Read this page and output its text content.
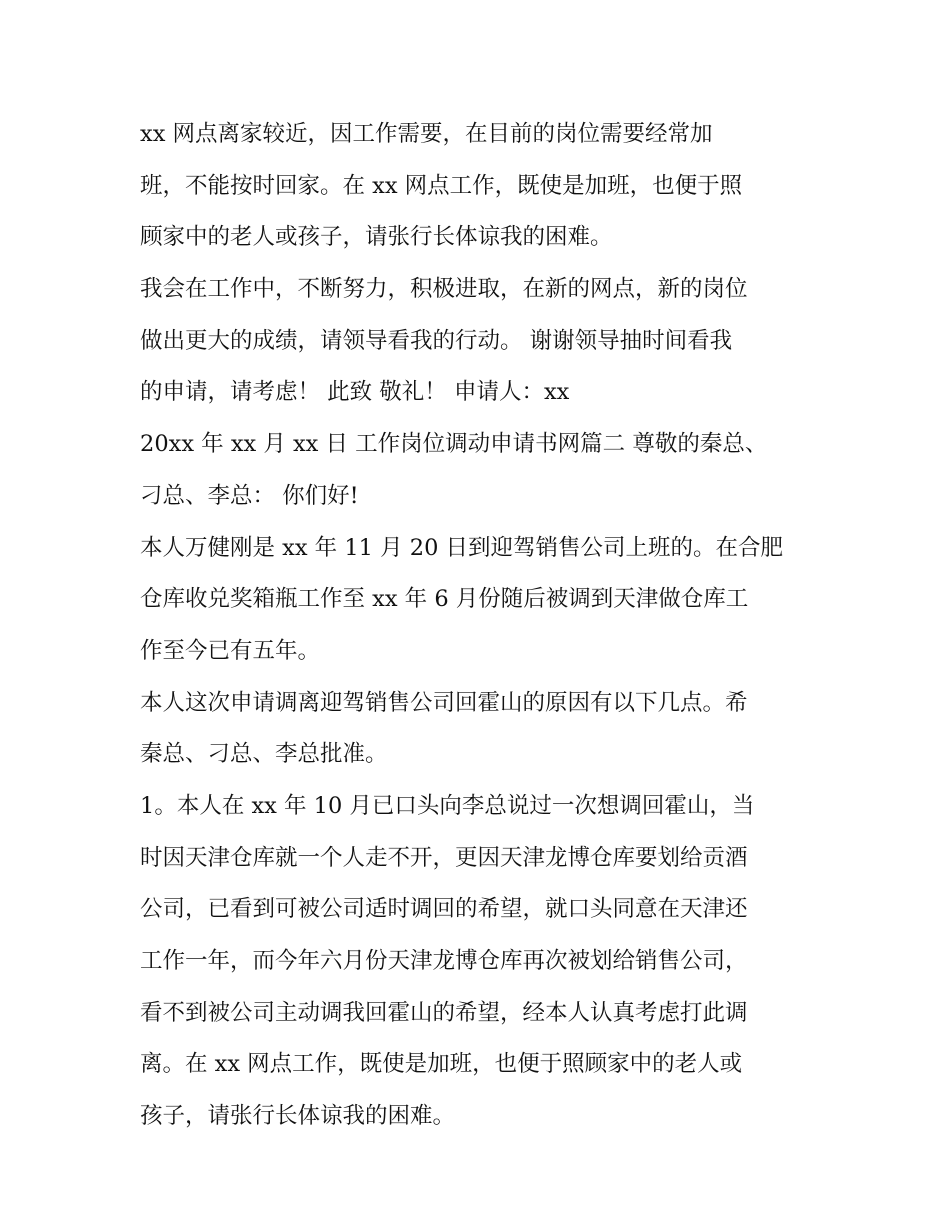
xx 网点离家较近，因工作需要，在目前的岗位需要经常加
班，不能按时回家。在 xx 网点工作，既使是加班，也便于照
顾家中的老人或孩子，请张行长体谅我的困难。
我会在工作中，不断努力，积极进取，在新的网点，新的岗位
做出更大的成绩，请领导看我的行动。 谢谢领导抽时间看我
的申请，请考虑！ 此致 敬礼！ 申请人：xx
20xx 年 xx 月 xx 日 工作岗位调动申请书网篇二 尊敬的秦总、
刁总、李总： 你们好!
本人万健刚是 xx 年 11 月 20 日到迎驾销售公司上班的。在合肥
仓库收兑奖箱瓶工作至 xx 年 6 月份随后被调到天津做仓库工
作至今已有五年。
本人这次申请调离迎驾销售公司回霍山的原因有以下几点。希
秦总、刁总、李总批准。
1。本人在 xx 年 10 月已口头向李总说过一次想调回霍山，当
时因天津仓库就一个人走不开，更因天津龙博仓库要划给贡酒
公司，已看到可被公司适时调回的希望，就口头同意在天津还
工作一年，而今年六月份天津龙博仓库再次被划给销售公司，
看不到被公司主动调我回霍山的希望，经本人认真考虑打此调
离。在 xx 网点工作，既使是加班，也便于照顾家中的老人或
孩子，请张行长体谅我的困难。
